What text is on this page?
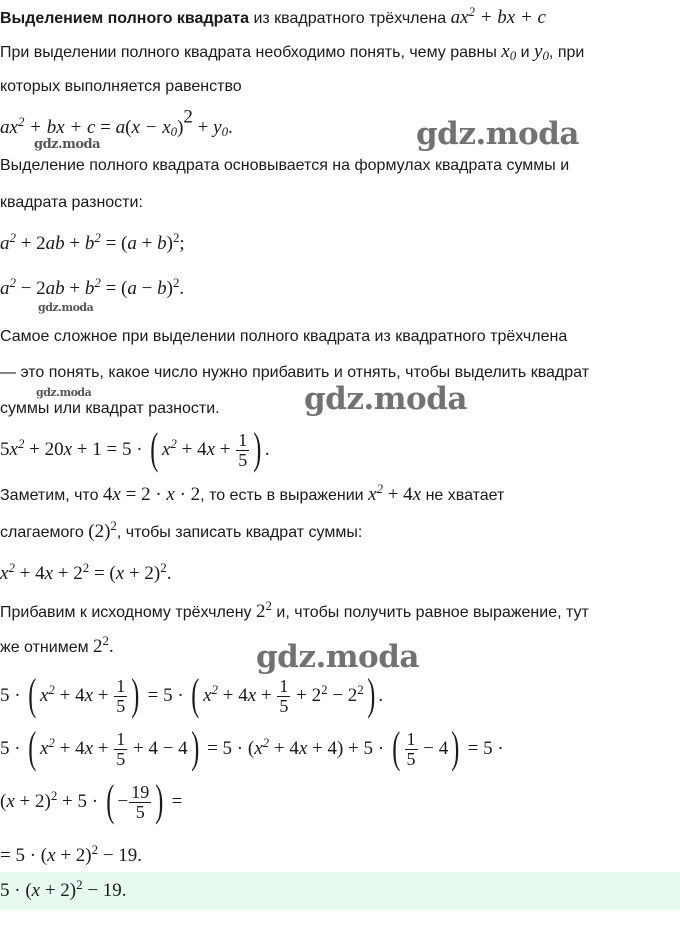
Выделением полного квадрата из квадратного трёхчлена $ax^2$ + bx + c
При выделении полного квадрата необходимо понять, чему равны $x_0$ и $y_0$, при
которых выполняется равенство
$ax^2$ + bx + $c = a(x - x_0)^2 + y_0$.
Выделение полного квадрата основывается на формулах квадрата суммы и
квадрата разности:
$a^2 + 2ab + b^2 = (a + b)^2$;
$a^2 - 2ab + b^2 = (a - b)^2$.
Самое сложное при выделении полного квадрата из квадратного трёхчлена
— это понять, какое число нужно прибавить и отнять, чтобы выделить квадрат
суммы или квадрат разности.
$5x^2 + 20x + 1 = 5$ · ( $x^2 + 4x + \frac{1}{5}$ ) .
Заметим, что 4x = 2 · x · 2, то есть в выражении $x^2 + 4x$ не хватает
слагаемого $(2)^2$, чтобы записать квадрат суммы:
$x^2 + 4x + 2^2 = (x + 2)^2$.
Прибавим к исходному трёхчлену $2^2$ и, чтобы получить равное выражение, тут
же отнимем $2^2$.
5 · ( $x^2 + 4x + \frac{1}{5}$ ) = 5 · ( $x^2 + 4x + \frac{1}{5} + 2^2 - 2^2$) .
5 · ( $x^2 + 4x + \frac{1}{5} + 4 - 4) = 5 \cdot (x^2 + 4x + 4) + 5$ · ( $\frac{1}{5} - 4) = 5$ ·
$(x + 2)^2 + 5$ · ( − $\frac{19}{5}$ ) =
= $5 \cdot (x + 2)^2 - 19$.
$5 \cdot (x + 2)^2 - 19$.
gdz.moda	gdz.moda
gdz.moda
gdz.moda	gdz.moda
gdz.moda
